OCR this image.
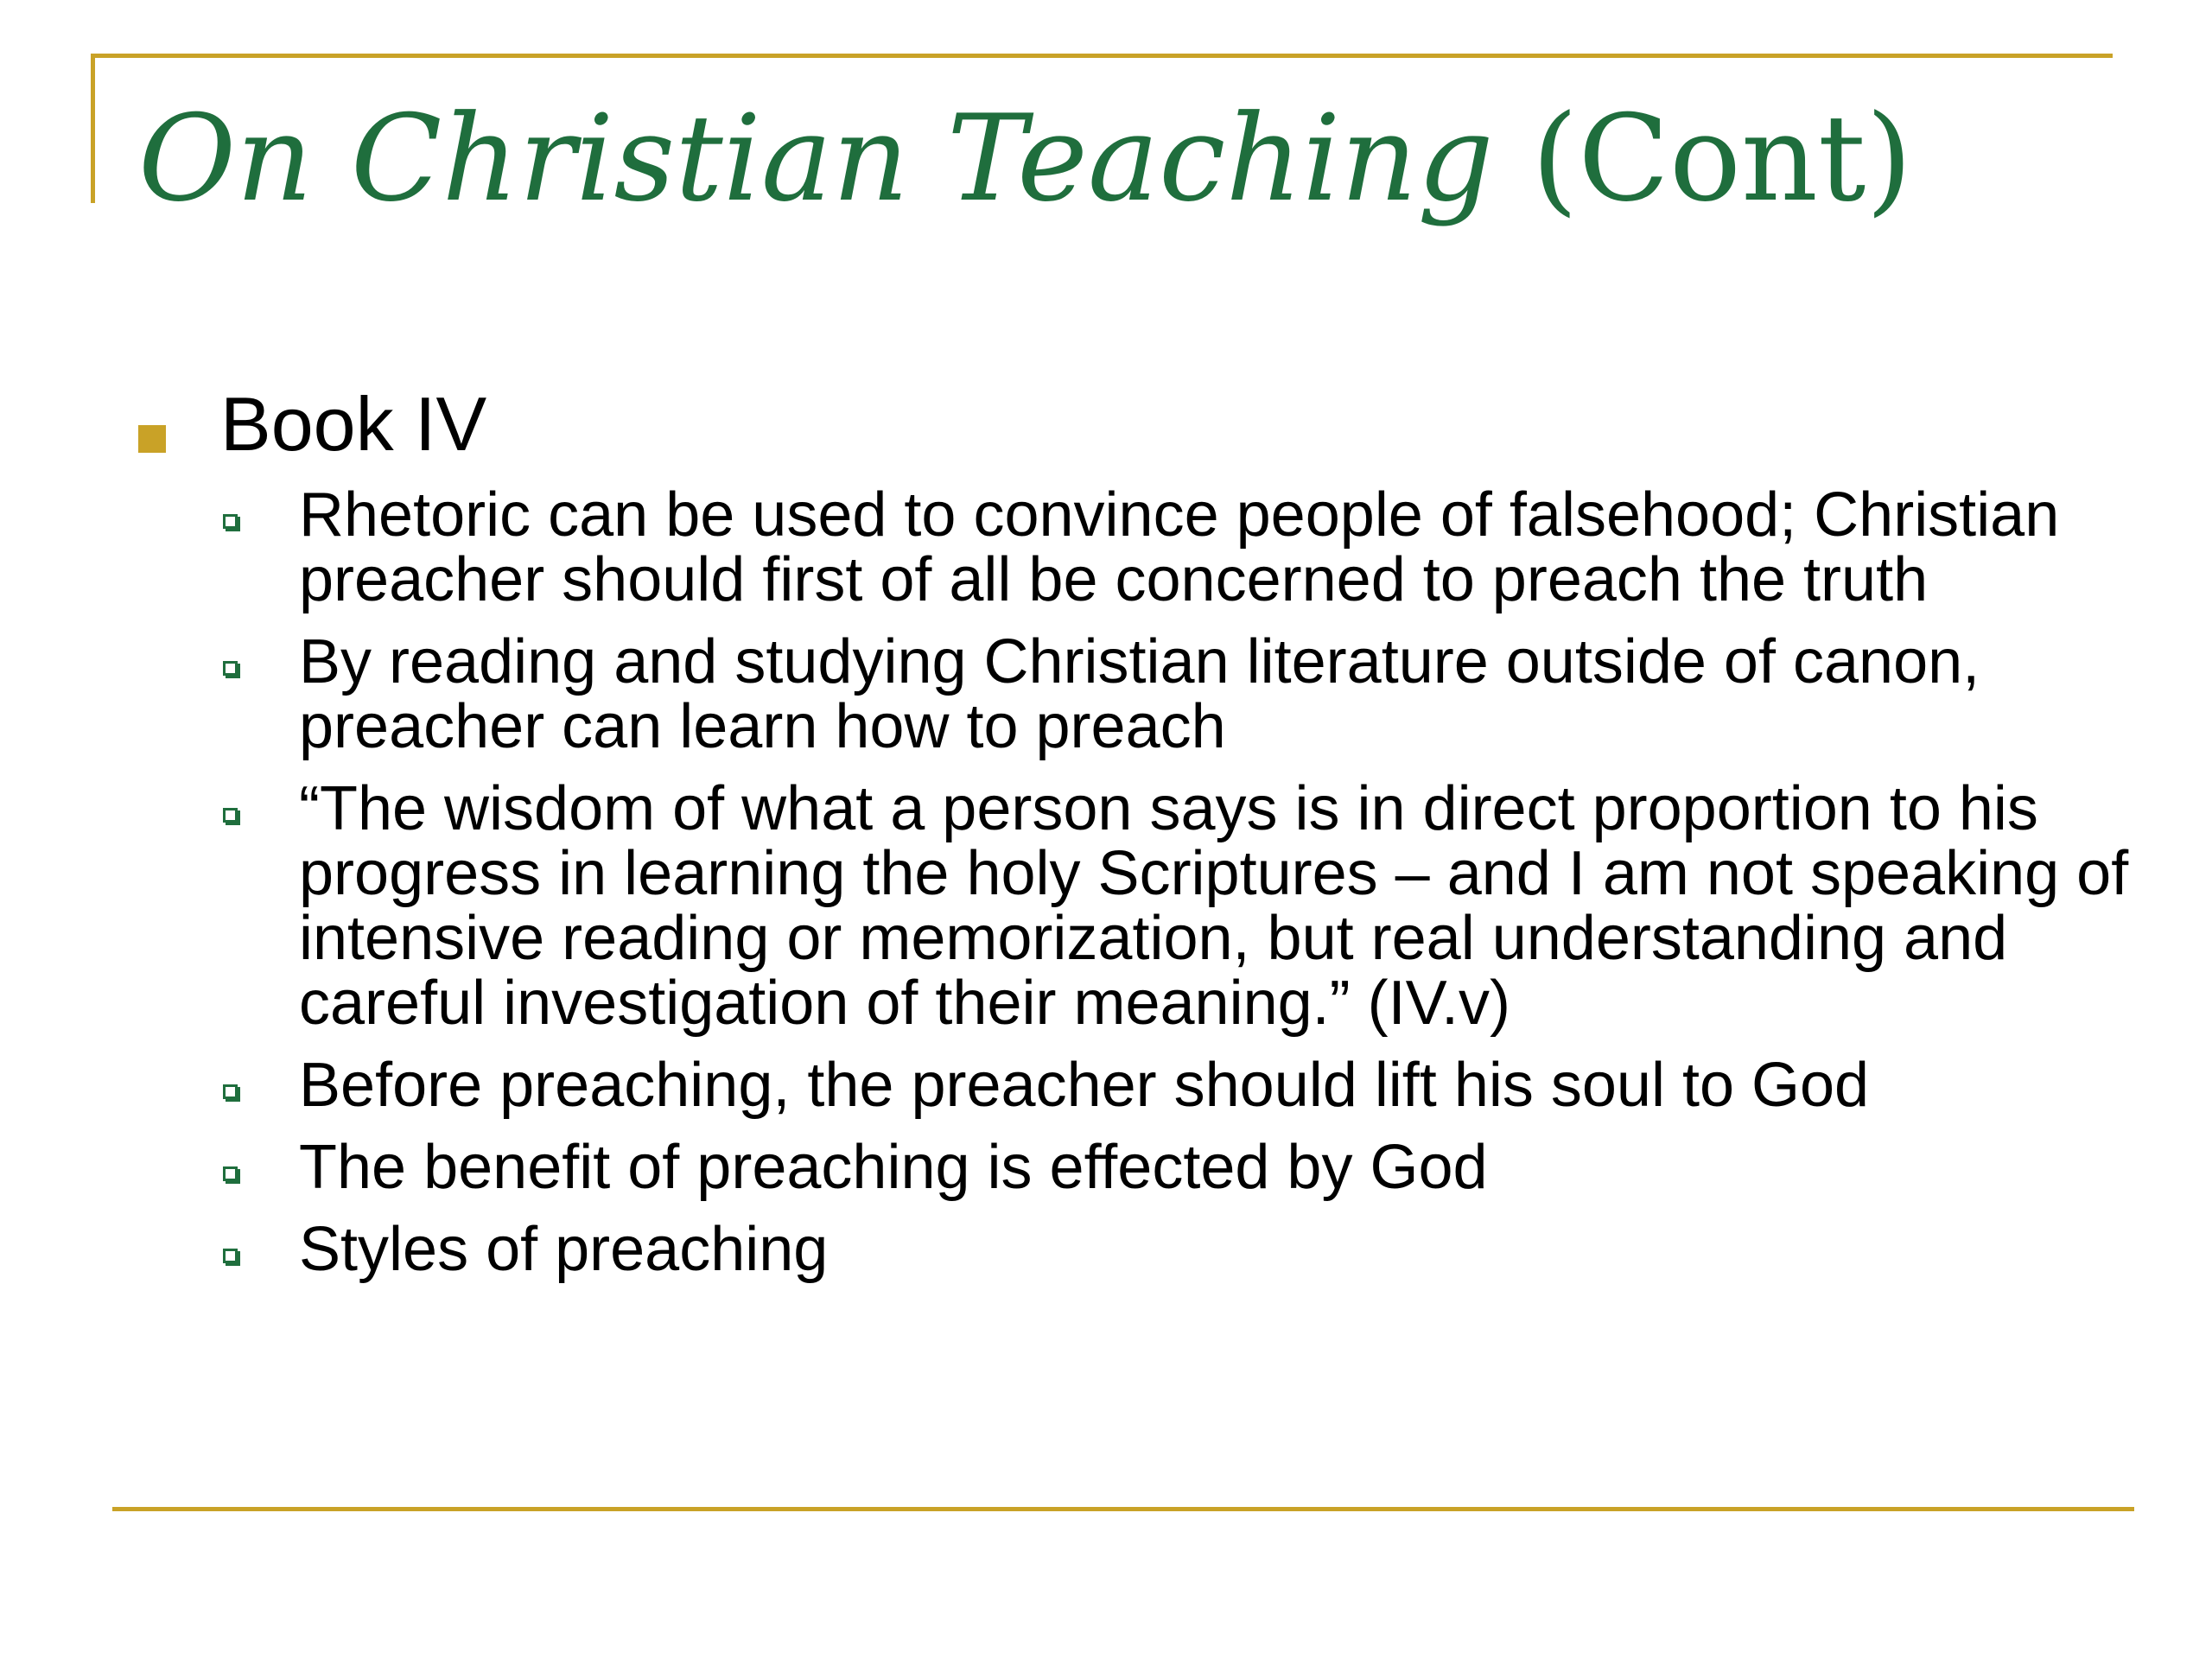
On Christian Teaching (Cont)
Book IV
Rhetoric can be used to convince people of falsehood; Christian preacher should first of all be concerned to preach the truth
By reading and studying Christian literature outside of canon, preacher can learn how to preach
“The wisdom of what a person says is in direct proportion to his progress in learning the holy Scriptures – and I am not speaking of intensive reading or memorization, but real understanding and careful investigation of their meaning.” (IV.v)
Before preaching, the preacher should lift his soul to God
The benefit of preaching is effected by God
Styles of preaching
